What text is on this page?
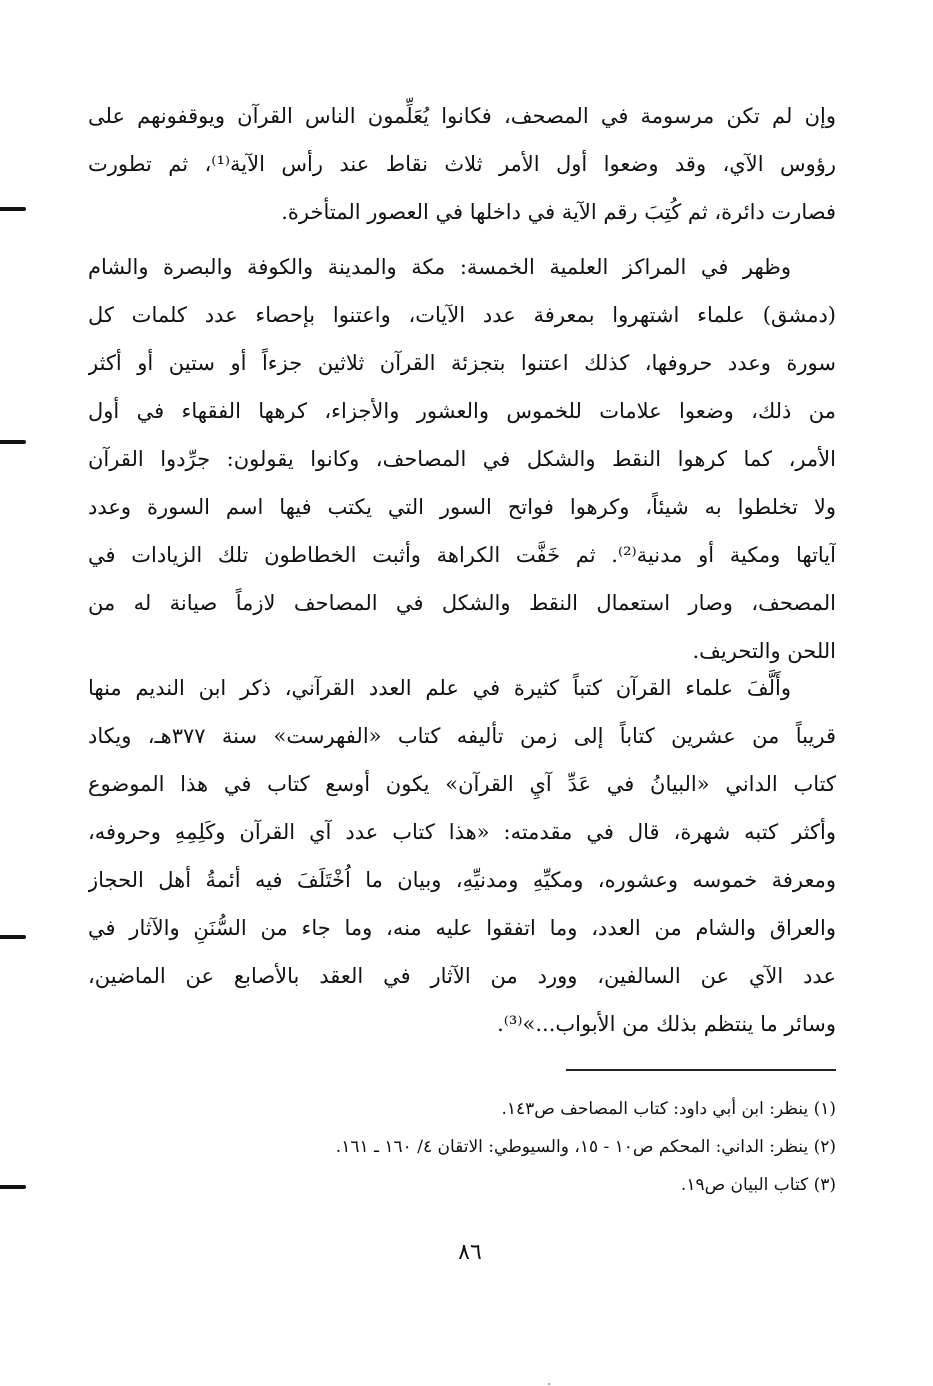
وإن لم تكن مرسومة في المصحف، فكانوا يُعَلِّمون الناس القرآن ويوقفونهم على
رؤوس الآي، وقد وضعوا أول الأمر ثلاث نقاط عند رأس الآية⁽¹⁾، ثم تطورت
فصارت دائرة، ثم كُتِبَ رقم الآية في داخلها في العصور المتأخرة.
وظهر في المراكز العلمية الخمسة: مكة والمدينة والكوفة والبصرة والشام
(دمشق) علماء اشتهروا بمعرفة عدد الآيات، واعتنوا بإحصاء عدد كلمات كل
سورة وعدد حروفها، كذلك اعتنوا بتجزئة القرآن ثلاثين جزءاً أو ستين أو أكثر
من ذلك، وضعوا علامات للخموس والعشور والأجزاء، كرهها الفقهاء في أول
الأمر، كما كرهوا النقط والشكل في المصاحف، وكانوا يقولون: جرِّدوا القرآن
ولا تخلطوا به شيئاً، وكرهوا فواتح السور التي يكتب فيها اسم السورة وعدد
آياتها ومكية أو مدنية⁽²⁾. ثم خَفَّت الكراهة وأثبت الخطاطون تلك الزيادات في
المصحف، وصار استعمال النقط والشكل في المصاحف لازماً صيانة له من
اللحن والتحريف.
وأَلَّفَ علماء القرآن كتباً كثيرة في علم العدد القرآني، ذكر ابن النديم منها
قريباً من عشرين كتاباً إلى زمن تأليفه كتاب «الفهرست» سنة ٣٧٧هـ، ويكاد
كتاب الداني «البيانُ في عَدِّ آيِ القرآن» يكون أوسع كتاب في هذا الموضوع
وأكثر كتبه شهرة، قال في مقدمته: «هذا كتاب عدد آي القرآن وكَلِمِهِ وحروفه،
ومعرفة خموسه وعشوره، ومكيِّهِ ومدنيِّهِ، وبيان ما اُخْتَلَفَ فيه أئمةُ أهل الحجاز
والعراق والشام من العدد، وما اتفقوا عليه منه، وما جاء من السُّنَنِ والآثار في
عدد الآي عن السالفين، وورد من الآثار في العقد بالأصابع عن الماضين،
وسائر ما ينتظم بذلك من الأبواب...»⁽³⁾.
(١) ينظر: ابن أبي داود: كتاب المصاحف ص١٤٣.
(٢) ينظر: الداني: المحكم ص١٠ - ١٥، والسيوطي: الاتقان ٤/ ١٦٠ ـ ١٦١.
(٣) كتاب البيان ص١٩.
٨٦
